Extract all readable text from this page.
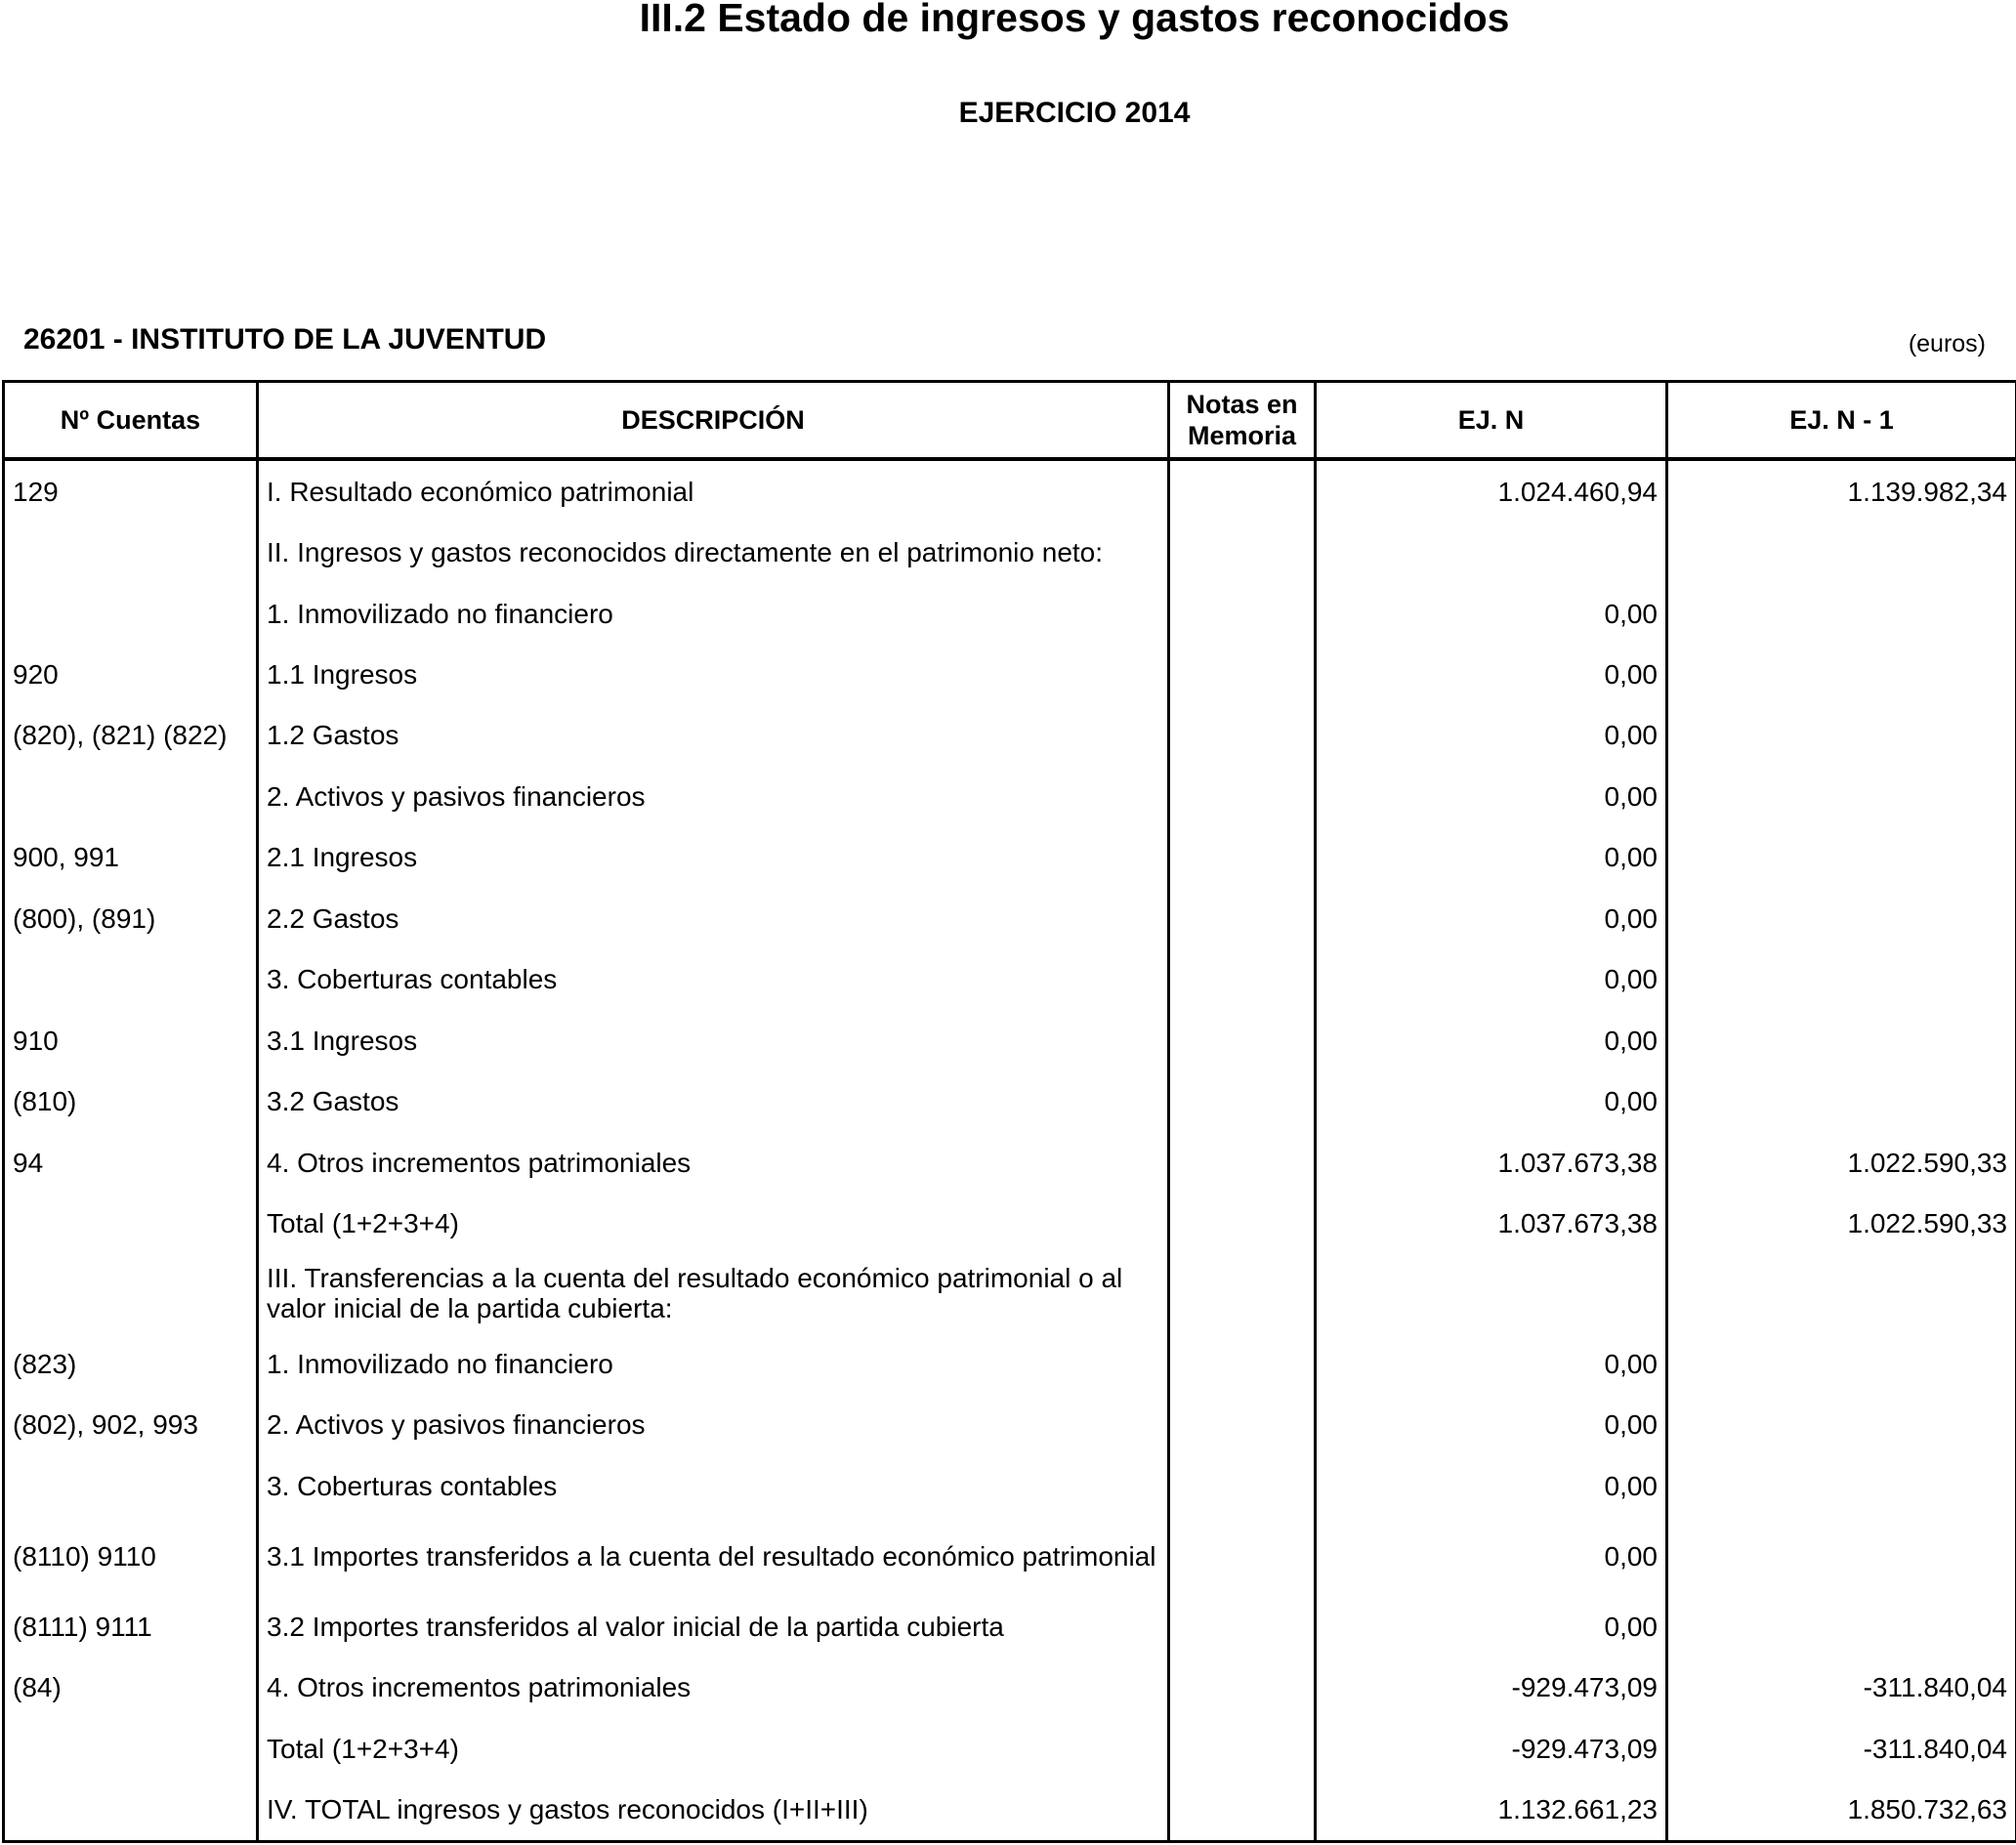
III.2 Estado de ingresos y gastos reconocidos
EJERCICIO 2014
26201 - INSTITUTO DE LA JUVENTUD	(euros)
Nº Cuentas	DESCRIPCIÓN	Notas en Memoria	EJ. N	EJ. N - 1
129	I. Resultado económico patrimonial		1.024.460,94	1.139.982,34
	II. Ingresos y gastos reconocidos directamente en el patrimonio neto:			
	1. Inmovilizado no financiero		0,00	
920	1.1 Ingresos		0,00	
(820), (821) (822)	1.2 Gastos		0,00	
	2. Activos y pasivos financieros		0,00	
900, 991	2.1 Ingresos		0,00	
(800), (891)	2.2 Gastos		0,00	
	3. Coberturas contables		0,00	
910	3.1 Ingresos		0,00	
(810)	3.2 Gastos		0,00	
94	4. Otros incrementos patrimoniales		1.037.673,38	1.022.590,33
	Total (1+2+3+4)		1.037.673,38	1.022.590,33
	III. Transferencias a la cuenta del resultado económico patrimonial o al valor inicial de la partida cubierta:			
(823)	1. Inmovilizado no financiero		0,00	
(802), 902, 993	2. Activos y pasivos financieros		0,00	
	3. Coberturas contables		0,00	
(8110) 9110	3.1 Importes transferidos a la cuenta del resultado económico patrimonial		0,00	
(8111) 9111	3.2 Importes transferidos al valor inicial de la partida cubierta		0,00	
(84)	4. Otros incrementos patrimoniales		-929.473,09	-311.840,04
	Total (1+2+3+4)		-929.473,09	-311.840,04
	IV. TOTAL ingresos y gastos reconocidos (I+II+III)		1.132.661,23	1.850.732,63
